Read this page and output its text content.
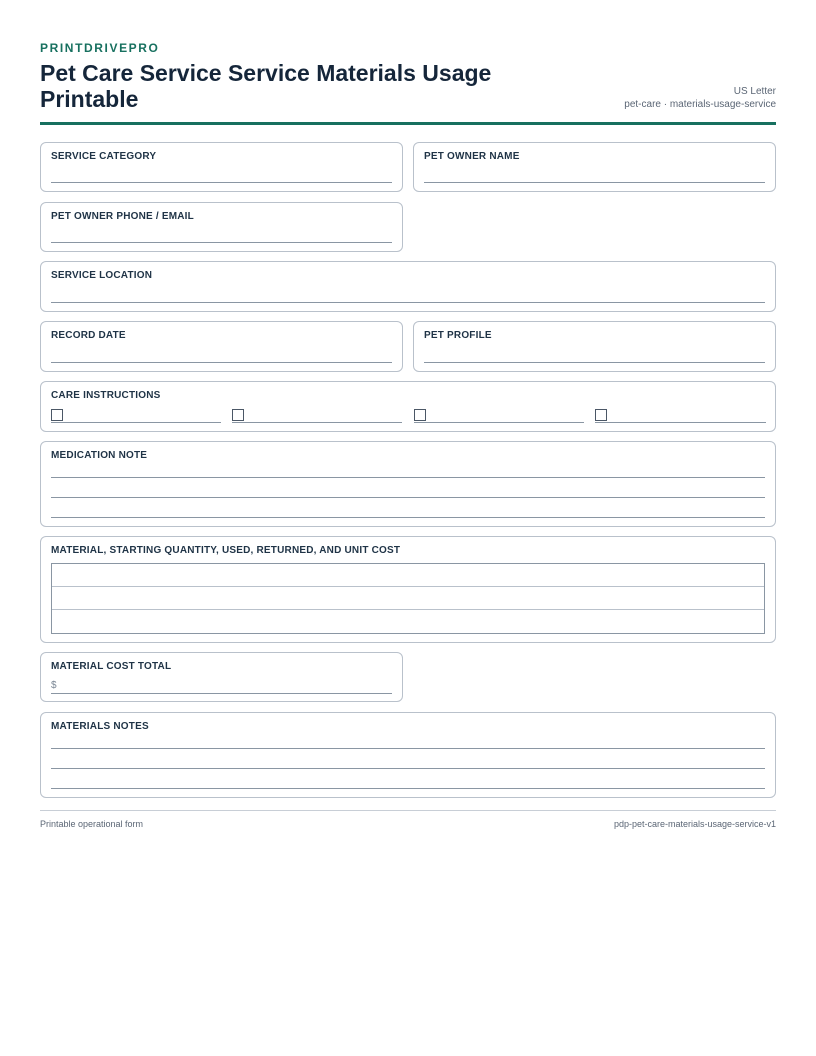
PRINTDRIVEPRO
Pet Care Service Service Materials Usage Printable	US Letter
pet-care · materials-usage-service
SERVICE CATEGORY	PET OWNER NAME
PET OWNER PHONE / EMAIL
SERVICE LOCATION
RECORD DATE	PET PROFILE
CARE INSTRUCTIONS
MEDICATION NOTE
MATERIAL, STARTING QUANTITY, USED, RETURNED, AND UNIT COST
MATERIAL COST TOTAL
$
MATERIALS NOTES
Printable operational form	pdp-pet-care-materials-usage-service-v1
